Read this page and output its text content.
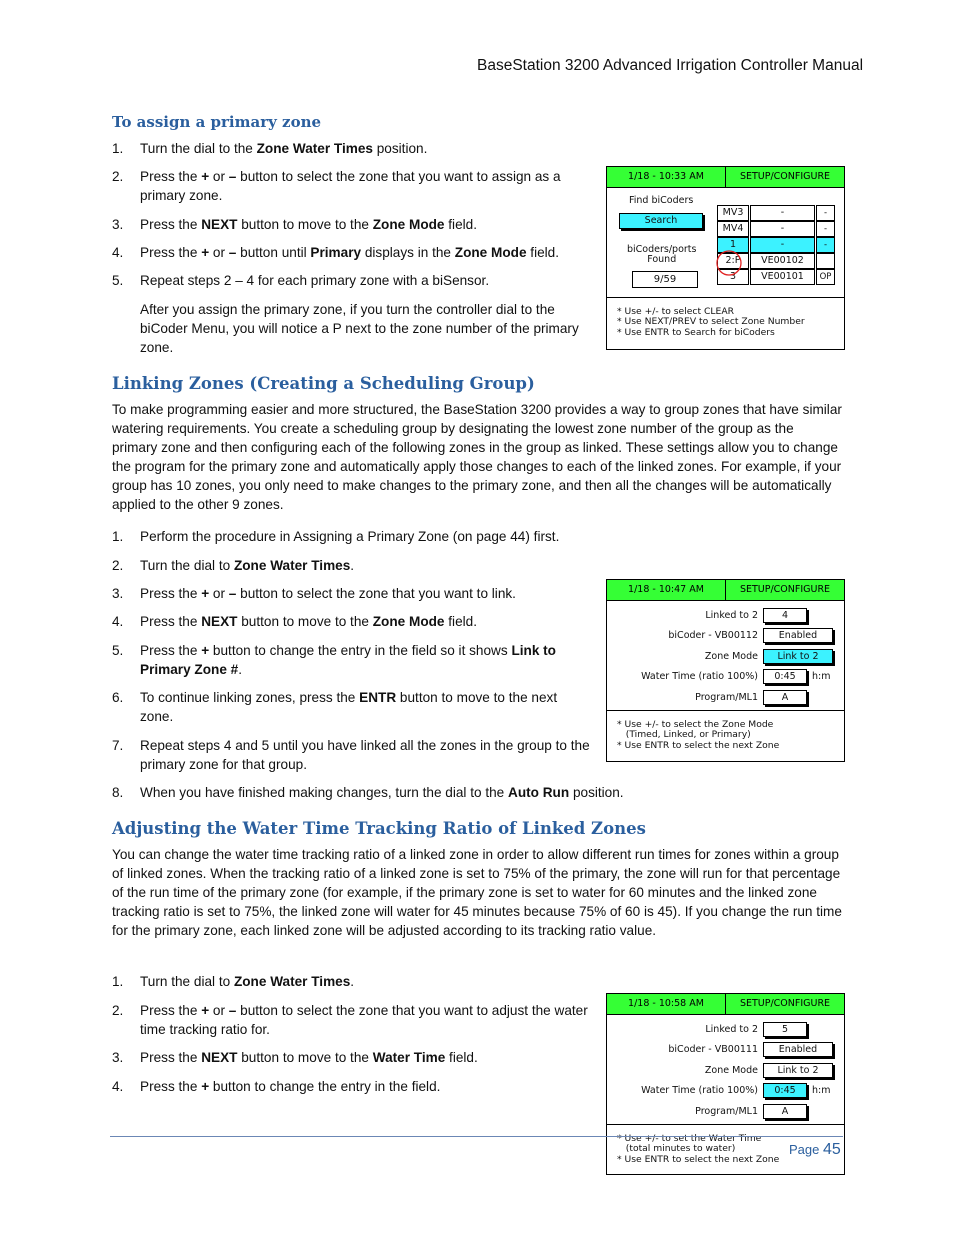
BaseStation 3200 Advanced Irrigation Controller Manual
To assign a primary zone
1.	Turn the dial to the Zone Water Times position.
2.	Press the + or – button to select the zone that you want to assign as a primary zone.
3.	Press the NEXT button to move to the Zone Mode field.
4.	Press the + or – button until Primary displays in the Zone Mode field.
5.	Repeat steps 2 – 4 for each primary zone with a biSensor.
After you assign the primary zone, if you turn the controller dial to the biCoder Menu, you will notice a P next to the zone number of the primary zone.
1/18 - 10:33 AM	SETUP/CONFIGURE
Find biCoders
Search
biCoders/ports
Found
9/59
MV3	-	-
MV4	-	-
1	-	-
2:P	VE00102
3	VE00101	OP
* Use +/- to select CLEAR
* Use NEXT/PREV to select Zone Number
* Use ENTR to Search for biCoders
Linking Zones (Creating a Scheduling Group)
To make programming easier and more structured, the BaseStation 3200 provides a way to group zones that have similar watering requirements. You create a scheduling group by designating the lowest zone number of the group as the primary zone and then configuring each of the following zones in the group as linked. These settings allow you to change the program for the primary zone and automatically apply those changes to each of the linked zones. For example, if your group has 10 zones, you only need to make changes to the primary zone, and then all the changes will be automatically applied to the other 9 zones.
1.	Perform the procedure in Assigning a Primary Zone (on page 44) first.
2.	Turn the dial to Zone Water Times.
3.	Press the + or – button to select the zone that you want to link.
4.	Press the NEXT button to move to the Zone Mode field.
5.	Press the + button to change the entry in the field so it shows Link to Primary Zone #.
6.	To continue linking zones, press the ENTR button to move to the next zone.
7.	Repeat steps 4 and 5 until you have linked all the zones in the group to the primary zone for that group.
8.	When you have finished making changes, turn the dial to the Auto Run position.
1/18 - 10:47 AM	SETUP/CONFIGURE
Linked to 2	4
biCoder - VB00112	Enabled
Zone Mode	Link to 2
Water Time (ratio 100%)	0:45	h:m
Program/ML1	A
* Use +/- to select the Zone Mode
(Timed, Linked, or Primary)
* Use ENTR to select the next Zone
Adjusting the Water Time Tracking Ratio of Linked Zones
You can change the water time tracking ratio of a linked zone in order to allow different run times for zones within a group of linked zones. When the tracking ratio of a linked zone is set to 75% of the primary, the zone will run for that percentage of the run time of the primary zone (for example, if the primary zone is set to water for 60 minutes and the linked zone tracking ratio is set to 75%, the linked zone will water for 45 minutes because 75% of 60 is 45). If you change the run time for the primary zone, each linked zone will be adjusted according to its tracking ratio value.
1.	Turn the dial to Zone Water Times.
2.	Press the + or – button to select the zone that you want to adjust the water time tracking ratio for.
3.	Press the NEXT button to move to the Water Time field.
4.	Press the + button to change the entry in the field.
1/18 - 10:58 AM	SETUP/CONFIGURE
Linked to 2	5
biCoder - VB00111	Enabled
Zone Mode	Link to 2
Water Time (ratio 100%)	0:45	h:m
Program/ML1	A
* Use +/- to set the Water Time
(total minutes to water)
* Use ENTR to select the next Zone
Page 45
